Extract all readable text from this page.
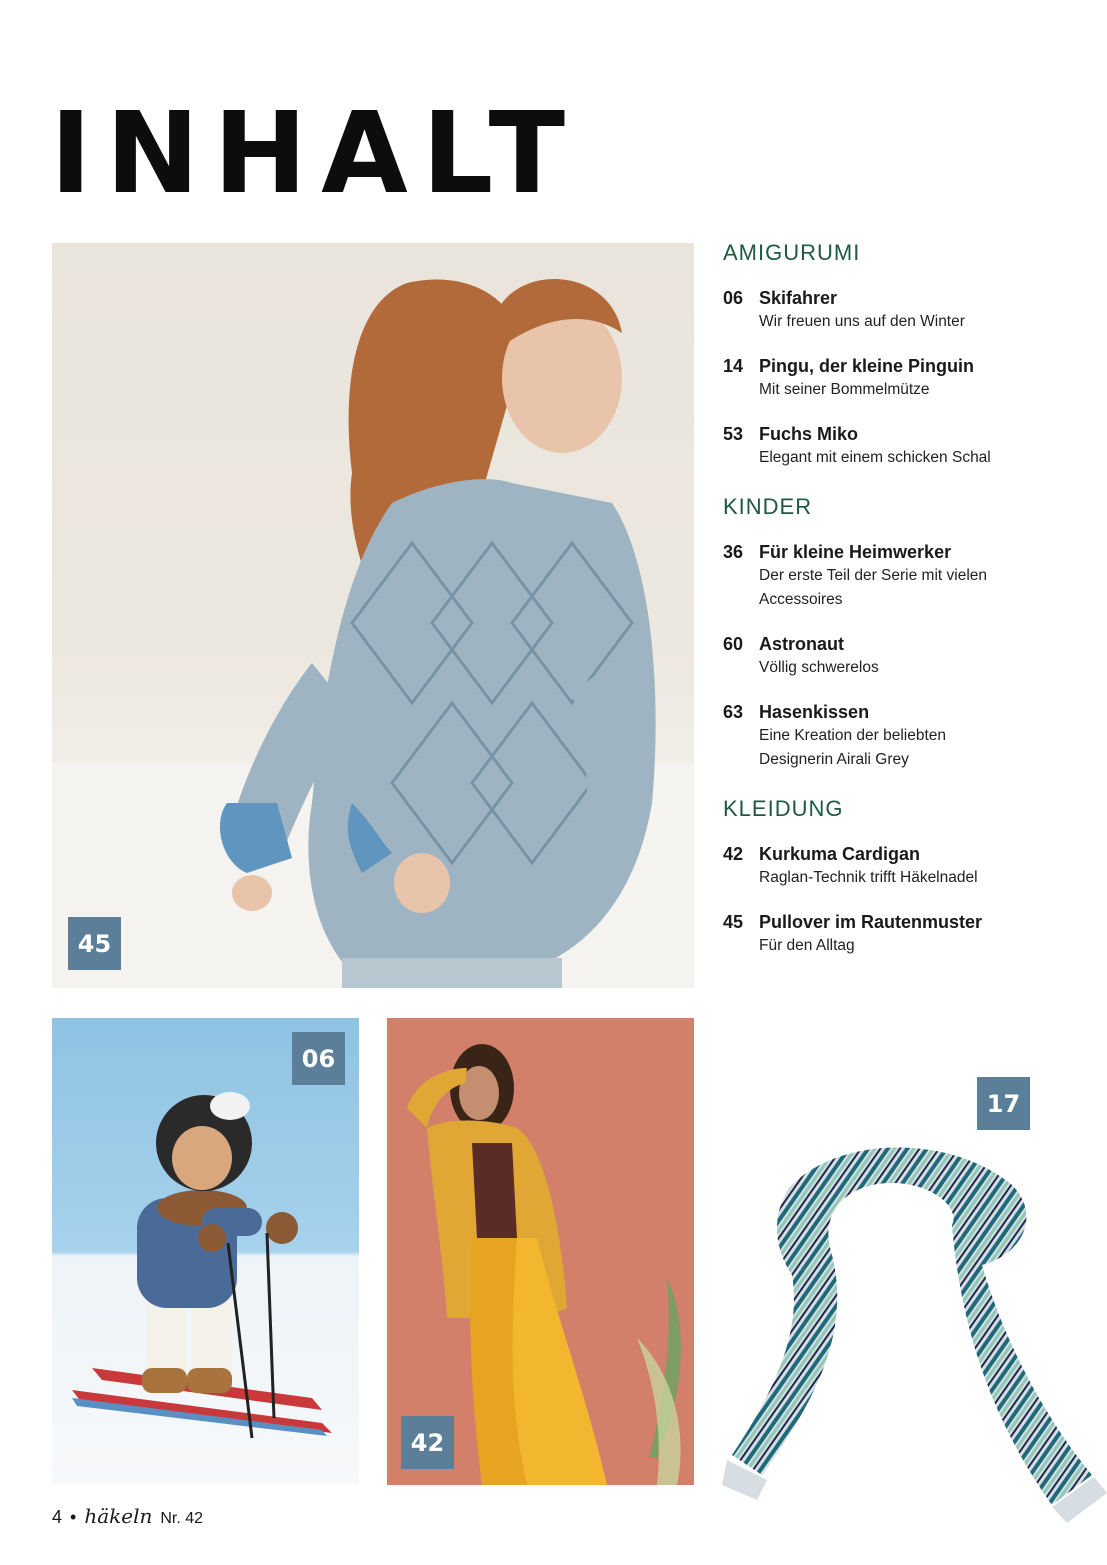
INHALT
45
06
42
17
AMIGURUMI
06 Skifahrer
Wir freuen uns auf den Winter
14 Pingu, der kleine Pinguin
Mit seiner Bommelmütze
53 Fuchs Miko
Elegant mit einem schicken Schal
KINDER
36 Für kleine Heimwerker
Der erste Teil der Serie mit vielen Accessoires
60 Astronaut
Völlig schwerelos
63 Hasenkissen
Eine Kreation der beliebten Designerin Airali Grey
KLEIDUNG
42 Kurkuma Cardigan
Raglan-Technik trifft Häkelnadel
45 Pullover im Rautenmuster
Für den Alltag
4 • häkeln Nr. 42
